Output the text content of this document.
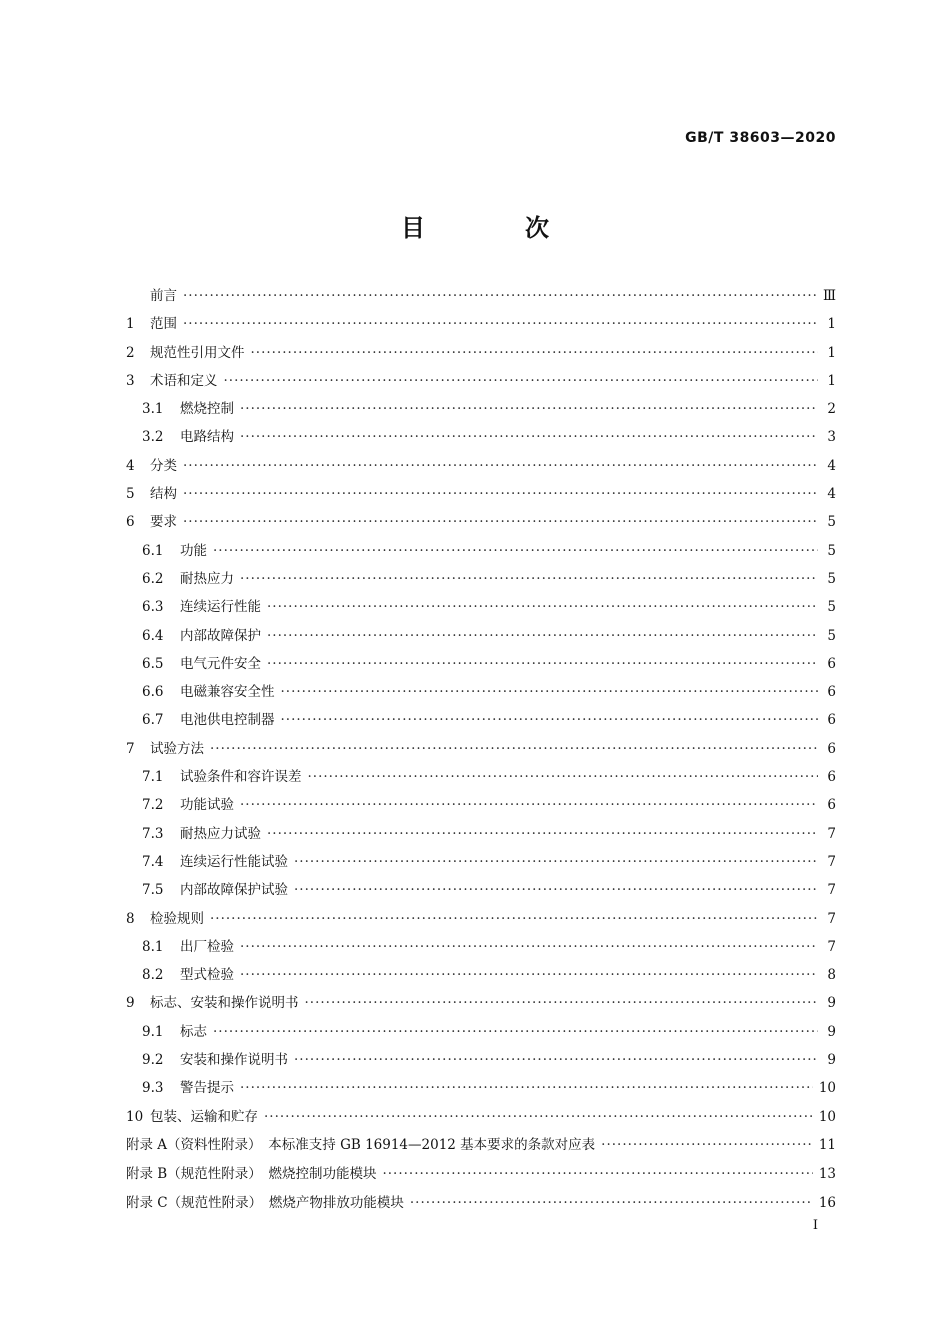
GB/T 38603—2020
目　次
前言 ·····	Ⅲ
1	范围 ·····	1
2	规范性引用文件 ·····	1
3	术语和定义 ·····	1
3.1	燃烧控制 ·····	2
3.2	电路结构 ·····	3
4	分类 ·····	4
5	结构 ·····	4
6	要求 ·····	5
6.1	功能 ·····	5
6.2	耐热应力 ·····	5
6.3	连续运行性能 ·····	5
6.4	内部故障保护 ·····	5
6.5	电气元件安全 ·····	6
6.6	电磁兼容安全性 ·····	6
6.7	电池供电控制器 ·····	6
7	试验方法 ·····	6
7.1	试验条件和容许误差 ·····	6
7.2	功能试验 ·····	6
7.3	耐热应力试验 ·····	7
7.4	连续运行性能试验 ·····	7
7.5	内部故障保护试验 ·····	7
8	检验规则 ·····	7
8.1	出厂检验 ·····	7
8.2	型式检验 ·····	8
9	标志、安装和操作说明书 ·····	9
9.1	标志 ·····	9
9.2	安装和操作说明书 ·····	9
9.3	警告提示 ·····	10
10 包装、运输和贮存 ·····	10
附录 A（资料性附录）　本标准支持 GB 16914—2012 基本要求的条款对应表 ·····	11
附录 B（规范性附录）　燃烧控制功能模块 ·····	13
附录 C（规范性附录）　燃烧产物排放功能模块 ·····	16
Ⅰ
